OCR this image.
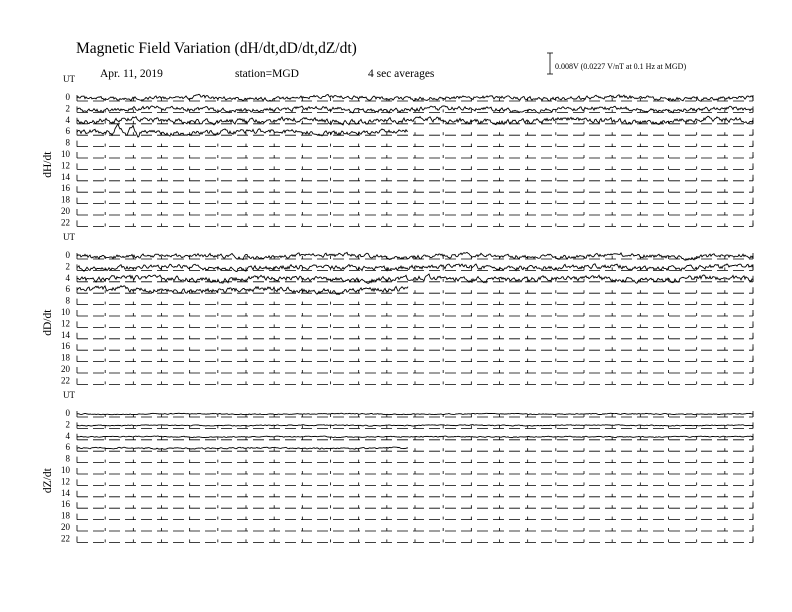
Magnetic Field Variation (dH/dt,dD/dt,dZ/dt)
Apr. 11, 2019	station=MGD	4 sec averages
0.008V (0.0227 V/nT at 0.1 Hz at MGD)
UT
dH/dt
0
2
4
6
8
10
12
14
16
18
20
22
UT
dD/dt
0
2
4
6
8
10
12
14
16
18
20
22
UT
dZ/dt
0
2
4
6
8
10
12
14
16
18
20
22
